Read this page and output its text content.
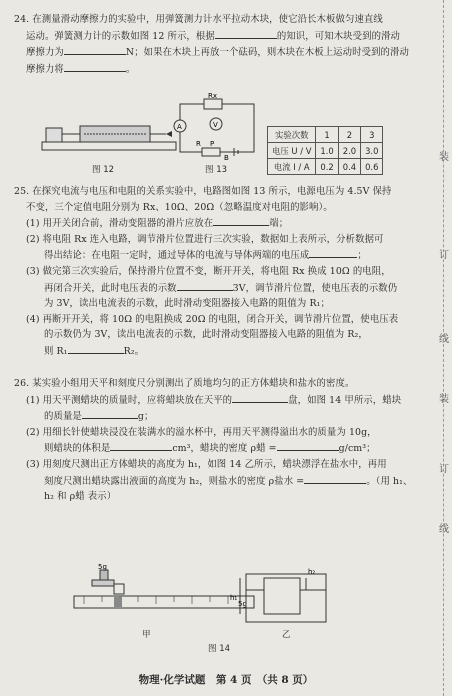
装
订
线
装
订
线
24. 在测量滑动摩擦力的实验中，用弹簧测力计水平拉动木块，使它沿长木板做匀速直线
运动。弹簧测力计的示数如图 12 所示，根据	的知识，可知木块受到的滑动
摩擦力为	N；如果在木块上再放一个砝码，则木块在木板上运动时受到的滑动
摩擦力将	。
图 12
Rx
A	V
R P
B
图 13
实验次数	1	2	3
电压 U / V	1.0	2.0	3.0
电流 I / A	0.2	0.4	0.6
25. 在探究电流与电压和电阻的关系实验中，电路图如图 13 所示，电源电压为 4.5V 保持
不变，三个定值电阻分别为 Rx、10Ω、20Ω（忽略温度对电阻的影响）。
(1) 用开关闭合前，滑动变阻器的滑片应放在	端；
(2) 将电阻 Rx 连入电路，调节滑片位置进行三次实验，数据如上表所示，分析数据可
得出结论：在电阻一定时，通过导体的电流与导体两端的电压成	；
(3) 做完第三次实验后，保持滑片位置不变，断开开关，将电阻 Rx 换成 10Ω 的电阻，
再闭合开关，此时电压表的示数	3V，调节滑片位置，使电压表的示数仍
为 3V，读出电流表的示数，此时滑动变阻器接入电路的阻值为 R₁；
(4) 再断开开关，将 10Ω 的电阻换成 20Ω 的电阻，闭合开关，调节滑片位置，使电压表
的示数仍为 3V，读出电流表的示数，此时滑动变阻器接入电路的阻值为 R₂，
则 R₁	R₂。
26. 某实验小组用天平和刻度尺分别测出了质地均匀的正方体蜡块和盐水的密度。
(1) 用天平测蜡块的质量时，应将蜡块放在天平的	盘，如图 14 甲所示，蜡块
的质量是	g；
(2) 用细长针使蜡块浸没在装满水的溢水杯中，再用天平测得溢出水的质量为 10g，
则蜡块的体积是	cm³，蜡块的密度 ρ蜡 =	g/cm³；
(3) 用刻度尺测出正方体蜡块的高度为 h₁，如图 14 乙所示，蜡块漂浮在盐水中，再用
刻度尺测出蜡块露出液面的高度为 h₂，则盐水的密度 ρ盐水 =	。（用 h₁、
h₂ 和 ρ蜡 表示）
5g
5g
甲
h₂
h₁
乙
图 14
物理·化学试题　第 4 页　（共 8 页）
